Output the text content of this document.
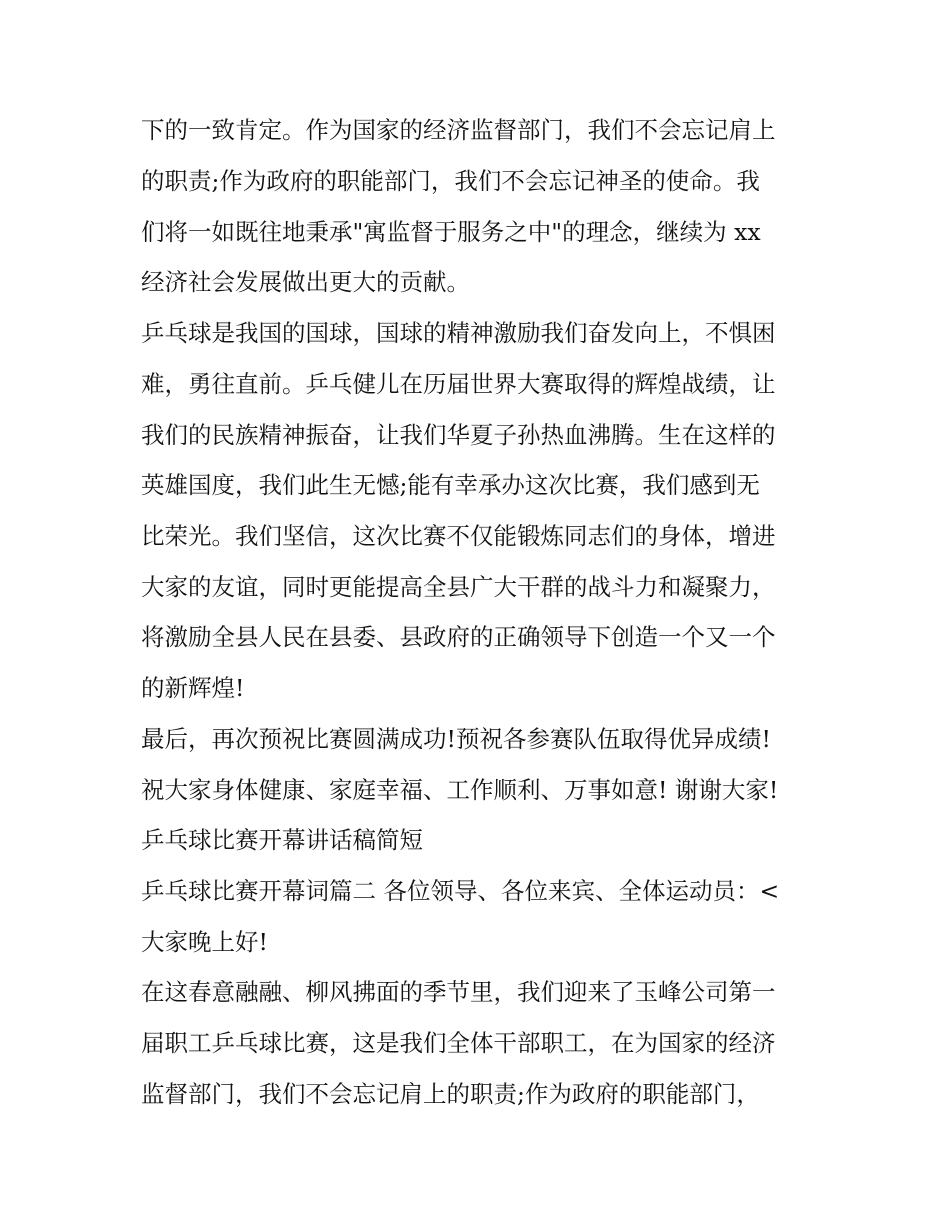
下的一致肯定。作为国家的经济监督部门，我们不会忘记肩上
的职责;作为政府的职能部门，我们不会忘记神圣的使命。我
们将一如既往地秉承"寓监督于服务之中"的理念，继续为 xx
经济社会发展做出更大的贡献。
乒乓球是我国的国球，国球的精神激励我们奋发向上，不惧困
难，勇往直前。乒乓健儿在历届世界大赛取得的辉煌战绩，让
我们的民族精神振奋，让我们华夏子孙热血沸腾。生在这样的
英雄国度，我们此生无憾;能有幸承办这次比赛，我们感到无
比荣光。我们坚信，这次比赛不仅能锻炼同志们的身体，增进
大家的友谊，同时更能提高全县广大干群的战斗力和凝聚力，
将激励全县人民在县委、县政府的正确领导下创造一个又一个
的新辉煌!
最后，再次预祝比赛圆满成功!预祝各参赛队伍取得优异成绩!
祝大家身体健康、家庭幸福、工作顺利、万事如意! 谢谢大家!
乒乓球比赛开幕讲话稿简短
乒乓球比赛开幕词篇二 各位领导、各位来宾、全体运动员：<
大家晚上好!
在这春意融融、柳风拂面的季节里，我们迎来了玉峰公司第一
届职工乒乓球比赛，这是我们全体干部职工，在为国家的经济
监督部门，我们不会忘记肩上的职责;作为政府的职能部门，
